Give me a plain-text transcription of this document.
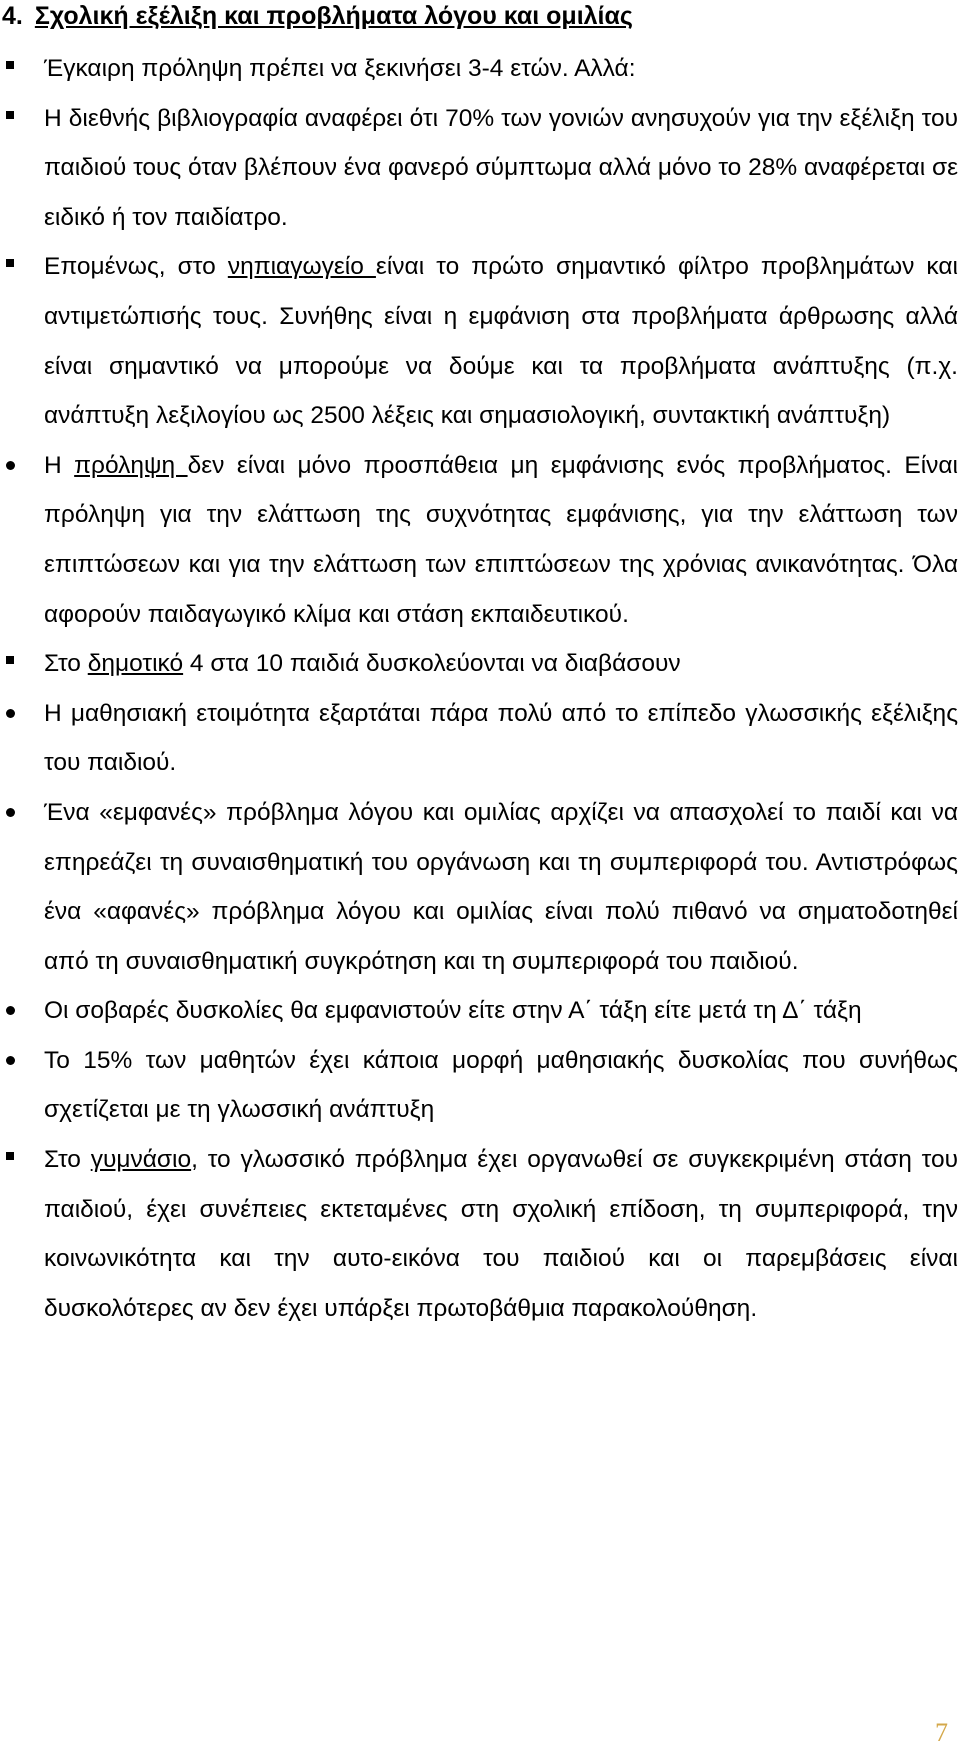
4. Σχολική εξέλιξη και προβλήματα λόγου και ομιλίας

Έγκαιρη πρόληψη πρέπει να ξεκινήσει 3-4 ετών. Αλλά:

Η διεθνής βιβλιογραφία αναφέρει ότι 70% των γονιών ανησυχούν για την εξέλιξη του παιδιού τους όταν βλέπουν ένα φανερό σύμπτωμα αλλά μόνο το 28% αναφέρεται σε ειδικό ή τον παιδίατρο.

Επομένως, στο νηπιαγωγείο είναι το πρώτο σημαντικό φίλτρο προβλημάτων και αντιμετώπισής τους. Συνήθης είναι η εμφάνιση στα προβλήματα άρθρωσης αλλά είναι σημαντικό να μπορούμε να δούμε και τα προβλήματα ανάπτυξης (π.χ. ανάπτυξη λεξιλογίου ως 2500 λέξεις και σημασιολογική, συντακτική ανάπτυξη)

Η πρόληψη δεν είναι μόνο προσπάθεια μη εμφάνισης ενός προβλήματος. Είναι πρόληψη για την ελάττωση της συχνότητας εμφάνισης, για την ελάττωση των επιπτώσεων και για την ελάττωση των επιπτώσεων της χρόνιας ανικανότητας. Όλα αφορούν παιδαγωγικό κλίμα και στάση εκπαιδευτικού.

Στο δημοτικό 4 στα 10 παιδιά δυσκολεύονται να διαβάσουν

Η μαθησιακή ετοιμότητα εξαρτάται πάρα πολύ από το επίπεδο γλωσσικής εξέλιξης του παιδιού.

Ένα «εμφανές» πρόβλημα λόγου και ομιλίας αρχίζει να απασχολεί το παιδί και να επηρεάζει τη συναισθηματική του οργάνωση και τη συμπεριφορά του. Αντιστρόφως ένα «αφανές» πρόβλημα λόγου και ομιλίας είναι πολύ πιθανό να σηματοδοτηθεί από τη συναισθηματική συγκρότηση και τη συμπεριφορά του παιδιού.

Οι σοβαρές δυσκολίες θα εμφανιστούν είτε στην Α΄ τάξη είτε μετά τη Δ΄ τάξη

Το 15% των μαθητών έχει κάποια μορφή μαθησιακής δυσκολίας που συνήθως σχετίζεται με τη γλωσσική ανάπτυξη

Στο γυμνάσιο, το γλωσσικό πρόβλημα έχει οργανωθεί σε συγκεκριμένη στάση του παιδιού, έχει συνέπειες εκτεταμένες στη σχολική επίδοση, τη συμπεριφορά, την κοινωνικότητα και την αυτο-εικόνα του παιδιού και οι παρεμβάσεις είναι δυσκολότερες αν δεν έχει υπάρξει πρωτοβάθμια παρακολούθηση.

7
